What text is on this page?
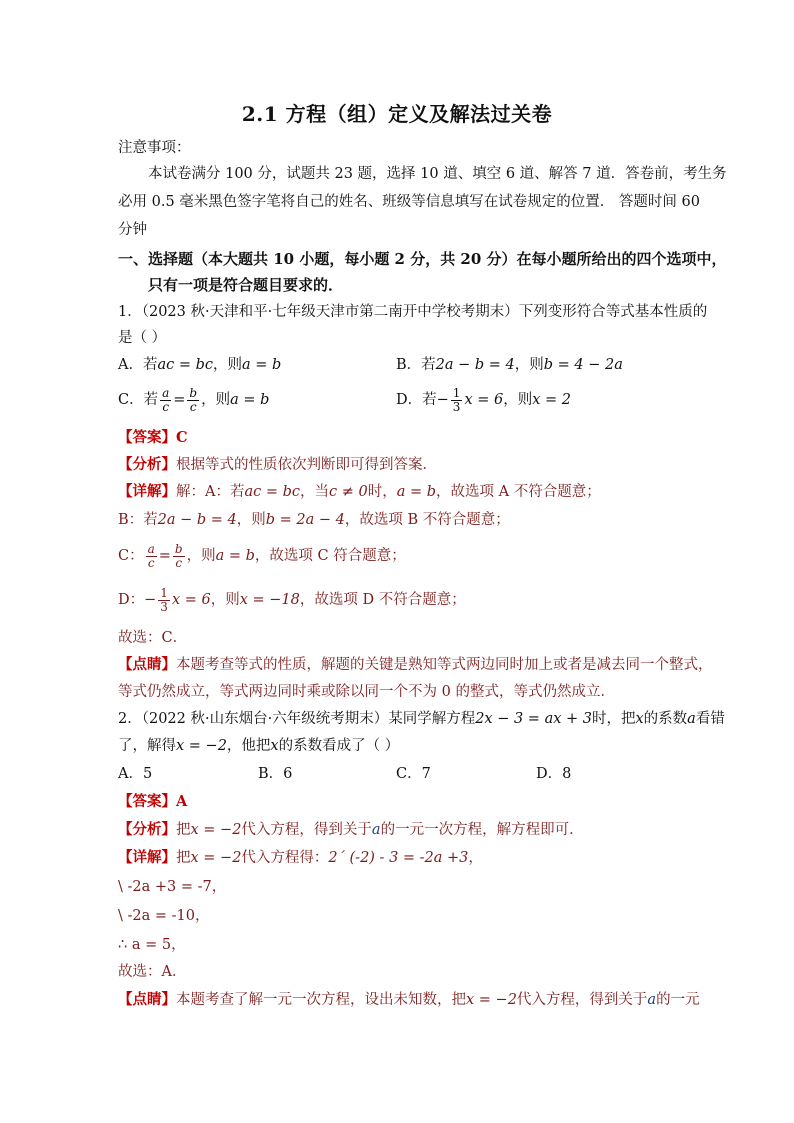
2.1 方程（组）定义及解法过关卷
注意事项：
本试卷满分 100 分，试题共 23 题，选择 10 道、填空 6 道、解答 7 道．答卷前，考生务
必用 0.5 毫米黑色签字笔将自己的姓名、班级等信息填写在试卷规定的位置． 答题时间 60
分钟
一、选择题（本大题共 10 小题，每小题 2 分，共 20 分）在每小题所给出的四个选项中，
只有一项是符合题目要求的．
1．（2023 秋·天津和平·七年级天津市第二南开中学校考期末）下列变形符合等式基本性质的
是（ ）
A．若ac = bc，则a = b	B．若2a − b = 4，则b = 4 − 2a
C．若 $\frac{a}{c} = \frac{b}{c}$ ，则a = b	D．若− $\frac{1}{3}$ x = 6，则x = 2
【答案】C
【分析】根据等式的性质依次判断即可得到答案．
【详解】解：A：若ac = bc，当c ≠ 0时，a = b，故选项 A 不符合题意；
B：若2a − b = 4，则b = 2a − 4，故选项 B 不符合题意；
C： $\frac{a}{c} = \frac{b}{c}$ ，则a = b，故选项 C 符合题意；
D：− $\frac{1}{3}$ x = 6，则x = −18，故选项 D 不符合题意；
故选：C．
【点睛】本题考查等式的性质，解题的关键是熟知等式两边同时加上或者是减去同一个整式，
等式仍然成立，等式两边同时乘或除以同一个不为 0 的整式，等式仍然成立．
2．（2022 秋·山东烟台·六年级统考期末）某同学解方程2x − 3 = ax + 3时，把x的系数a看错
了，解得x = −2，他把x的系数看成了（ ）
A．5	B．6	C．7	D．8
【答案】A
【分析】把x = −2代入方程，得到关于a的一元一次方程，解方程即可．
【详解】把x = −2代入方程得：2´ (-2) - 3 = -2a +3，
\ -2a +3 = -7，
\ -2a = -10，
∴ a = 5，
故选：A．
【点睛】本题考查了解一元一次方程，设出未知数，把x = −2代入方程，得到关于a的一元
